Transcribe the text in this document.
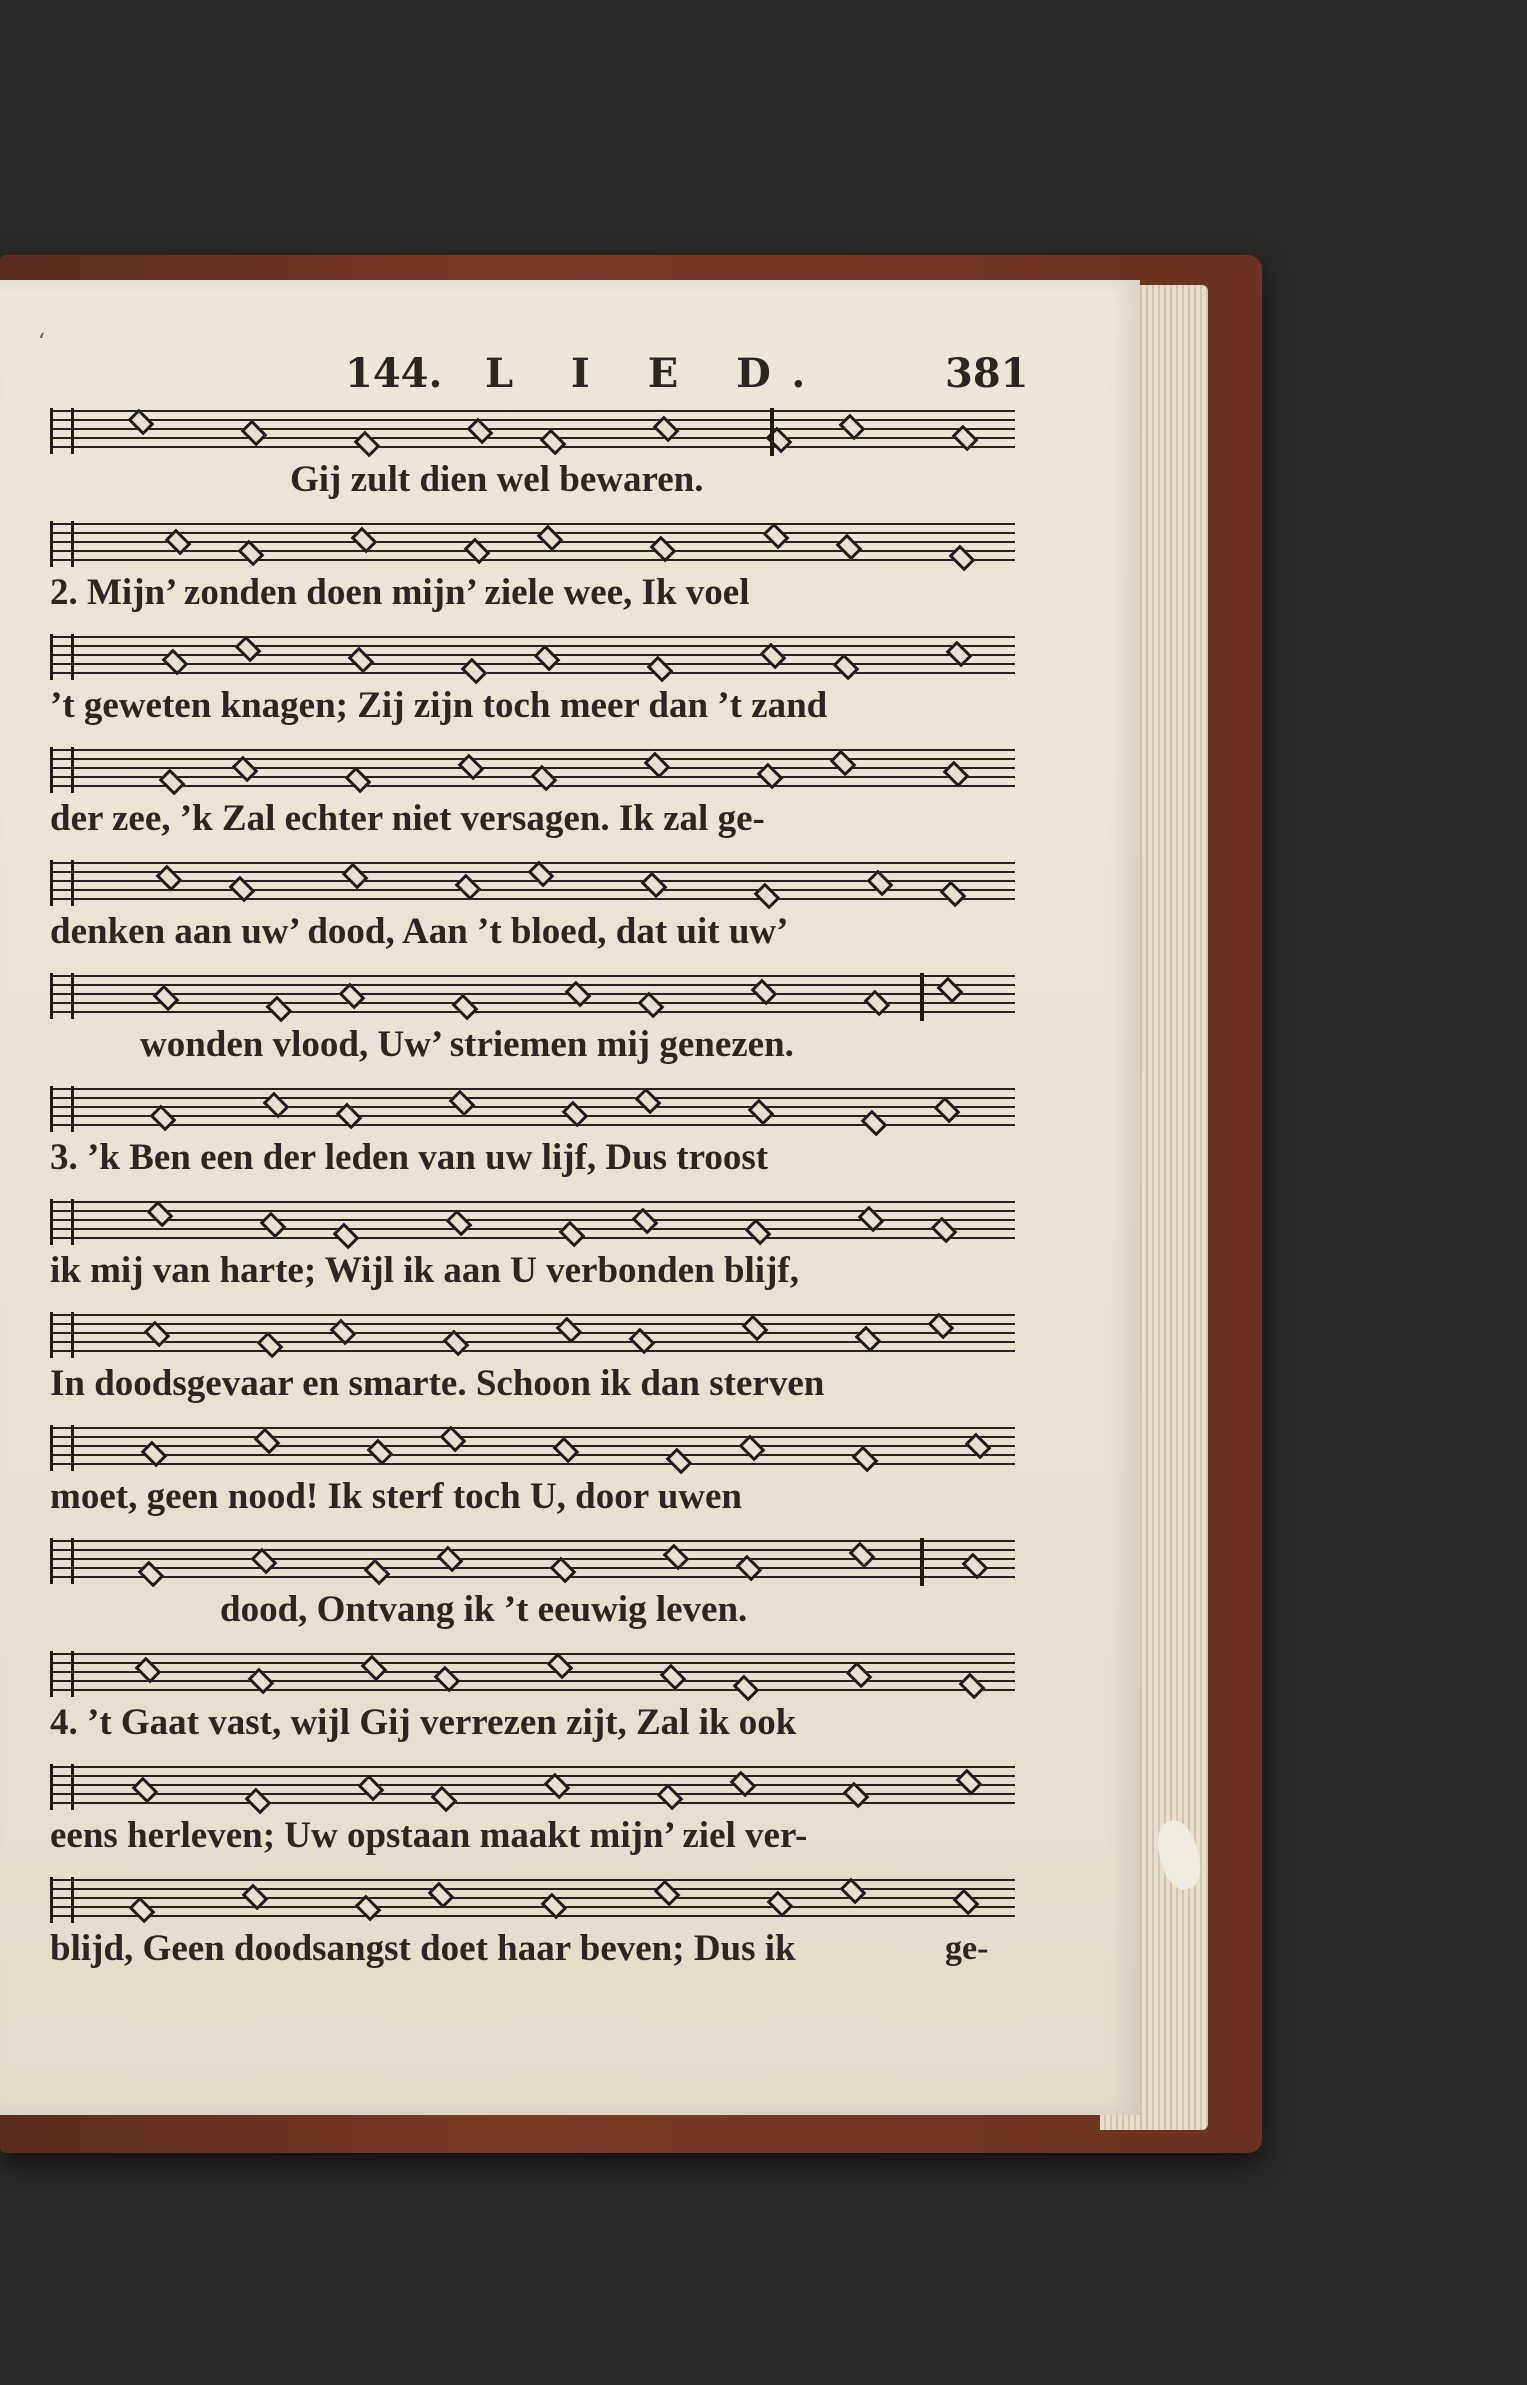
ʻ
144. L I E D.	381
Gij zult dien wel bewaren.
2. Mijn’ zonden doen mijn’ ziele wee, Ik voel
’t geweten knagen; Zij zijn toch meer dan ’t zand
der zee, ’k Zal echter niet versagen. Ik zal ge-
denken aan uw’ dood, Aan ’t bloed, dat uit uw’
wonden vlood, Uw’ striemen mij genezen.
3. ’k Ben een der leden van uw lijf, Dus troost
ik mij van harte; Wijl ik aan U verbonden blijf,
In doodsgevaar en smarte. Schoon ik dan sterven
moet, geen nood! Ik sterf toch U, door uwen
dood, Ontvang ik ’t eeuwig leven.
4. ’t Gaat vast, wijl Gij verrezen zijt, Zal ik ook
eens herleven; Uw opstaan maakt mijn’ ziel ver-
blijd, Geen doodsangst doet haar beven; Dus ik	ge-
